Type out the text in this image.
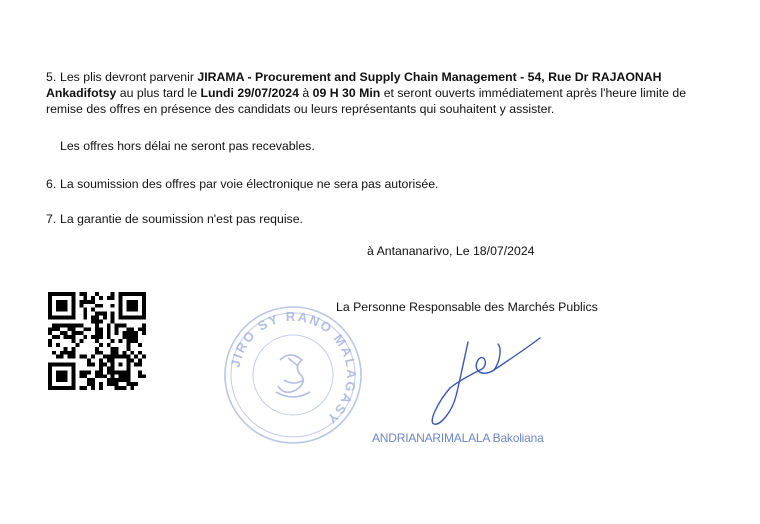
5. Les plis devront parvenir JIRAMA - Procurement and Supply Chain Management - 54, Rue Dr RAJAONAH Ankadifotsy au plus tard le Lundi 29/07/2024 à 09 H 30 Min et seront ouverts immédiatement après l'heure limite de remise des offres en présence des candidats ou leurs représentants qui souhaitent y assister.
Les offres hors délai ne seront pas recevables.
6. La soumission des offres par voie électronique ne sera pas autorisée.
7. La garantie de soumission n'est pas requise.
à Antananarivo, Le 18/07/2024
La Personne Responsable des Marchés Publics
JIRO SY RANO MALAGASY
ANDRIANARIMALALA Bakoliana
